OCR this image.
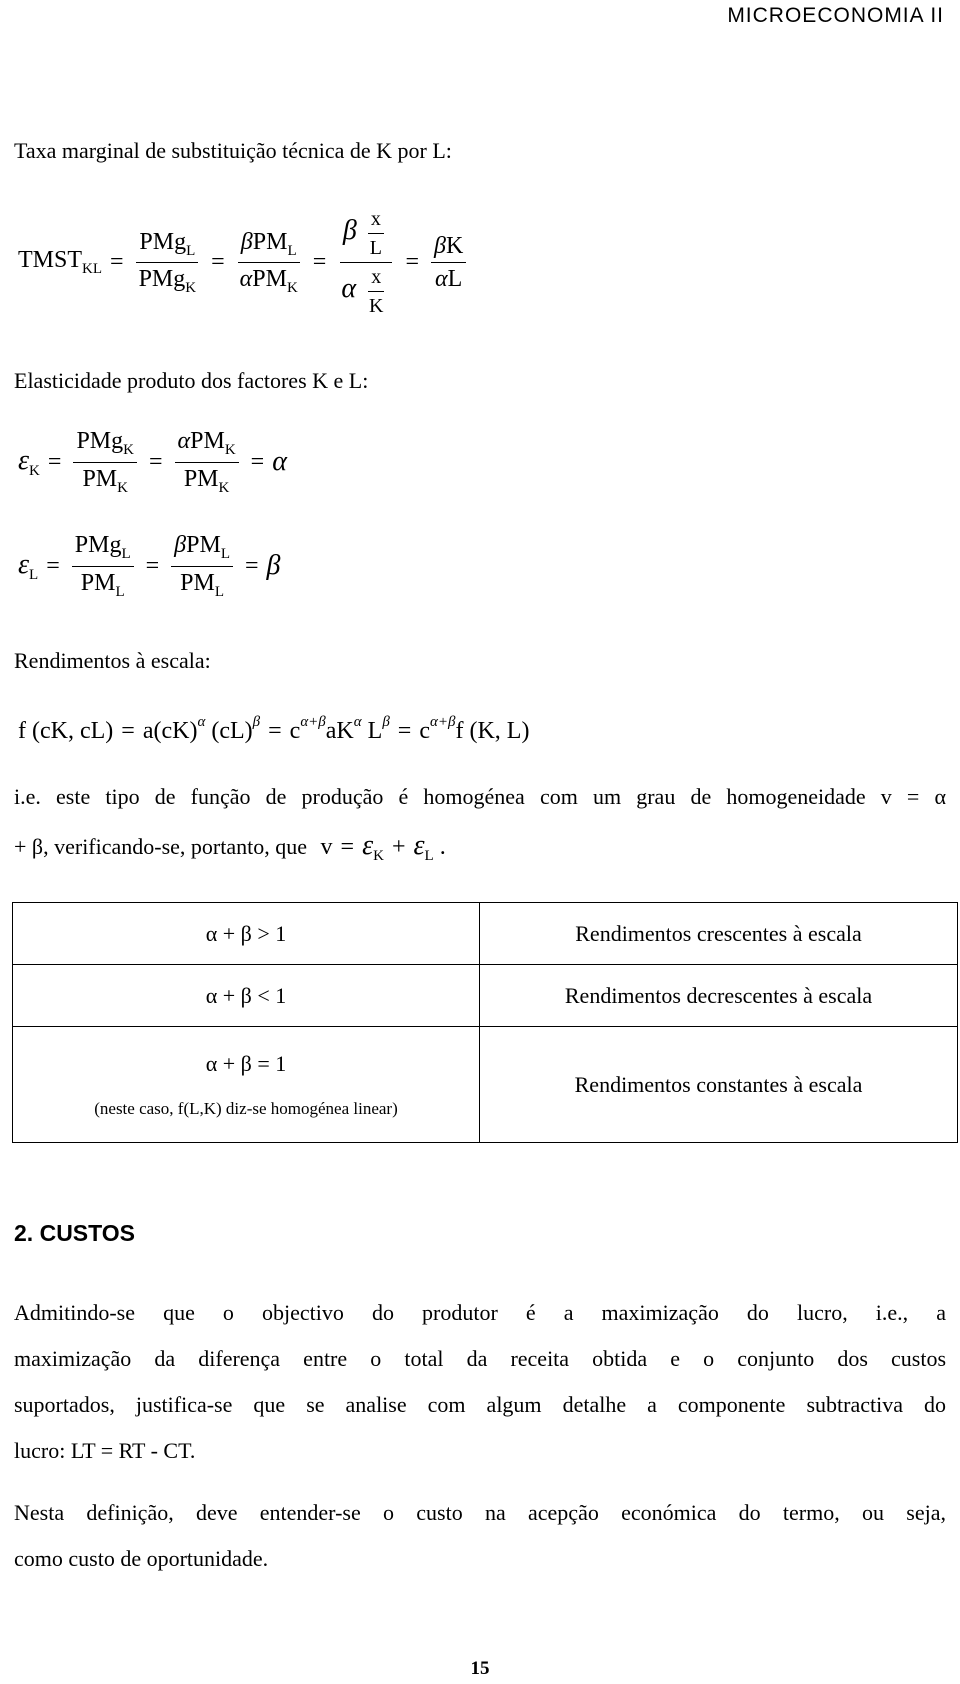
MICROECONOMIA II
Taxa marginal de substituição técnica de K por L:
$TMST_{KL} = \frac{PMg_L}{PMg_K} = \frac{\beta PM_L}{\alpha PM_K} = \frac{\beta \frac{x}{L}}{\alpha \frac{x}{K}} = \frac{\beta K}{\alpha L}$
Elasticidade produto dos factores K e L:
$\varepsilon_K = \frac{PMg_K}{PM_K} = \frac{\alpha PM_K}{PM_K} = \alpha$
$\varepsilon_L = \frac{PMg_L}{PM_L} = \frac{\beta PM_L}{PM_L} = \beta$
Rendimentos à escala:
f (cK, cL) = a(cK)$^\alpha$ $(cL)^\beta = c^{\alpha+\beta}aK^\alpha$ $L^\beta = c^{\alpha+\beta}f$ (K, L)
i.e. este tipo de função de produção é homogénea com um grau de homogeneidade v = α
+ β, verificando-se, portanto, que $v = \varepsilon_K + \varepsilon_L$ .
α + β > 1	Rendimentos crescentes à escala
α + β < 1	Rendimentos decrescentes à escala
α + β = 1
(neste caso, f(L,K) diz-se homogénea linear)	Rendimentos constantes à escala
2. CUSTOS
Admitindo-se que o objectivo do produtor é a maximização do lucro, i.e., a
maximização da diferença entre o total da receita obtida e o conjunto dos custos
suportados, justifica-se que se analise com algum detalhe a componente subtractiva do
lucro: LT = RT - CT.
Nesta definição, deve entender-se o custo na acepção económica do termo, ou seja,
como custo de oportunidade.
15
